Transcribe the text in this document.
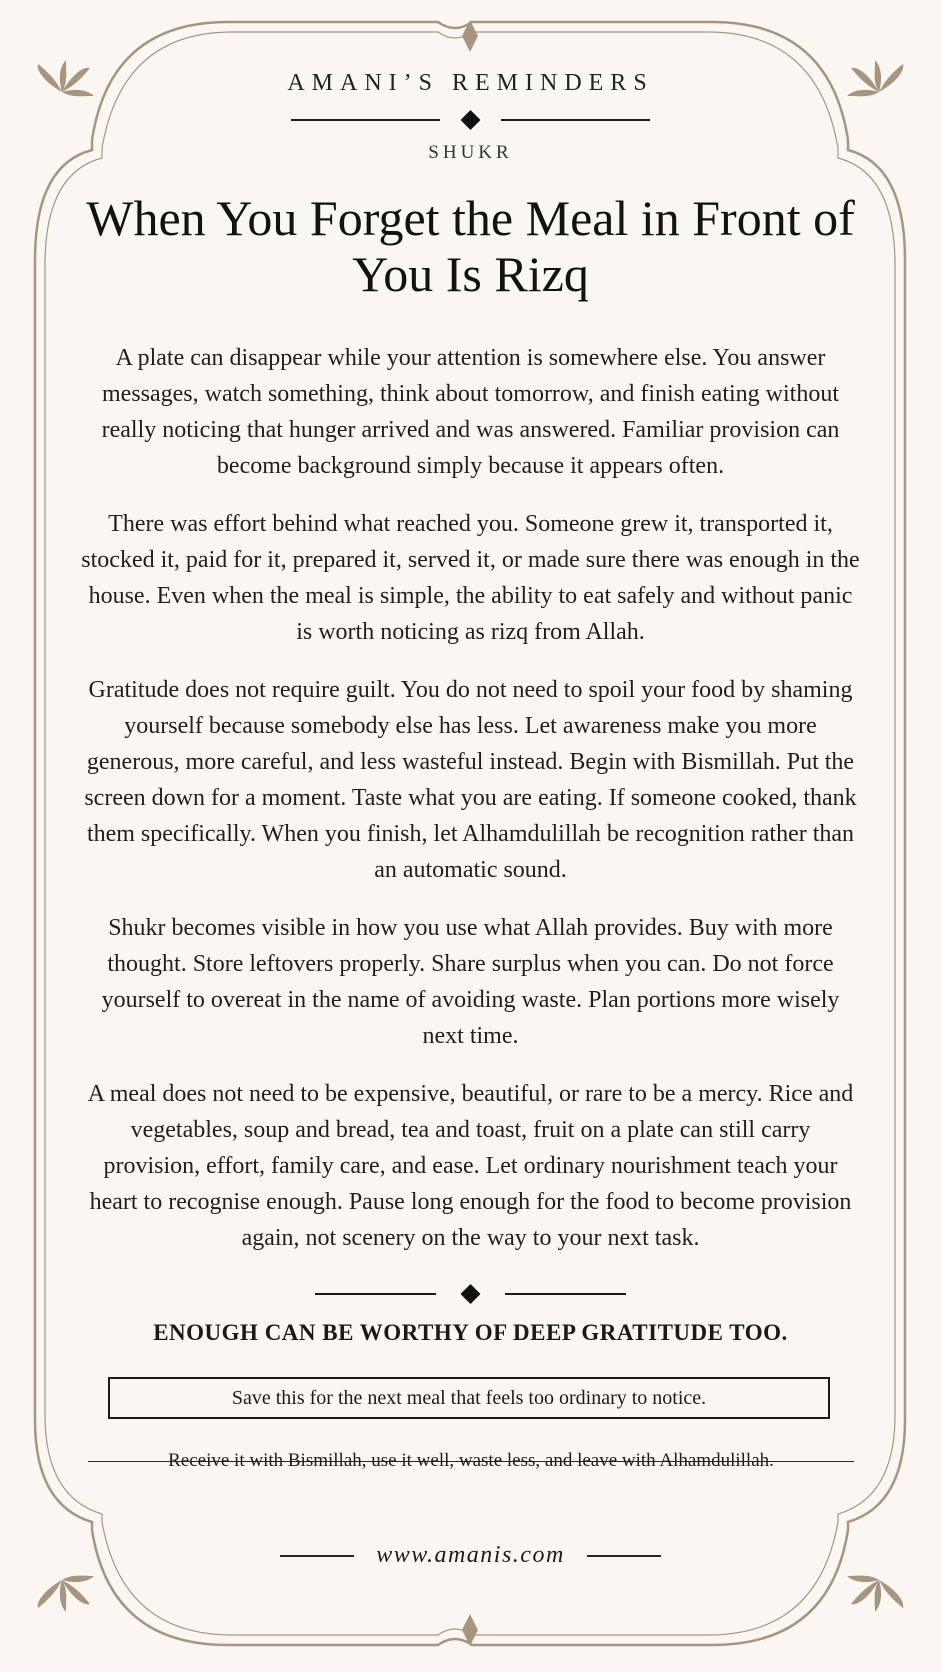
AMANI’S REMINDERS
SHUKR
When You Forget the Meal in Front of You Is Rizq

A plate can disappear while your attention is somewhere else. You answer messages, watch something, think about tomorrow, and finish eating without really noticing that hunger arrived and was answered. Familiar provision can become background simply because it appears often.

There was effort behind what reached you. Someone grew it, transported it, stocked it, paid for it, prepared it, served it, or made sure there was enough in the house. Even when the meal is simple, the ability to eat safely and without panic is worth noticing as rizq from Allah.

Gratitude does not require guilt. You do not need to spoil your food by shaming yourself because somebody else has less. Let awareness make you more generous, more careful, and less wasteful instead. Begin with Bismillah. Put the screen down for a moment. Taste what you are eating. If someone cooked, thank them specifically. When you finish, let Alhamdulillah be recognition rather than an automatic sound.

Shukr becomes visible in how you use what Allah provides. Buy with more thought. Store leftovers properly. Share surplus when you can. Do not force yourself to overeat in the name of avoiding waste. Plan portions more wisely next time.

A meal does not need to be expensive, beautiful, or rare to be a mercy. Rice and vegetables, soup and bread, tea and toast, fruit on a plate can still carry provision, effort, family care, and ease. Let ordinary nourishment teach your heart to recognise enough. Pause long enough for the food to become provision again, not scenery on the way to your next task.

ENOUGH CAN BE WORTHY OF DEEP GRATITUDE TOO.
Save this for the next meal that feels too ordinary to notice.
Receive it with Bismillah, use it well, waste less, and leave with Alhamdulillah.
www.amanis.com
